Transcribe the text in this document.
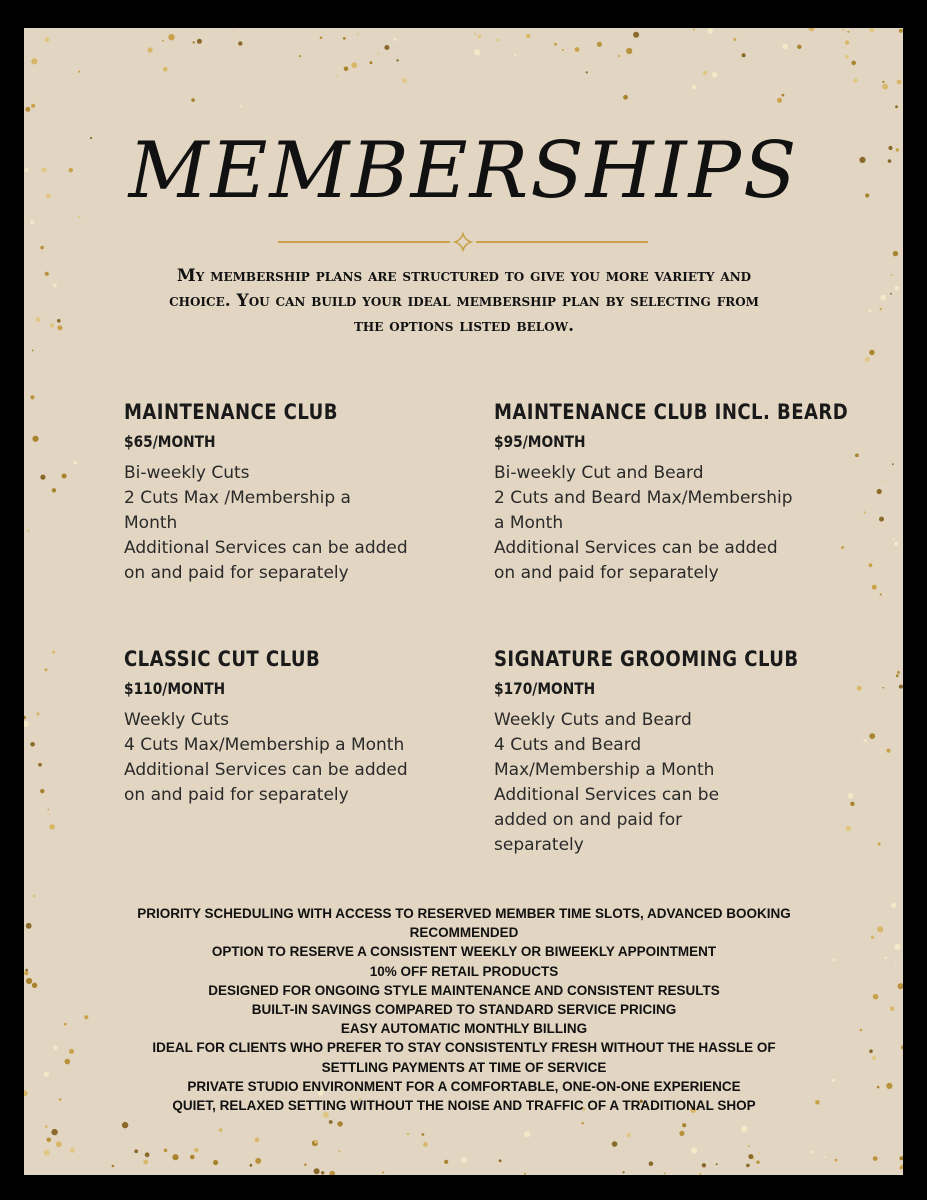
MEMBERSHIPS
My membership plans are structured to give you more variety and choice. You can build your ideal membership plan by selecting from the options listed below.
MAINTENANCE CLUB
$65/MONTH
Bi-weekly Cuts
2 Cuts Max /Membership a
Month
Additional Services can be added
on and paid for separately
MAINTENANCE CLUB INCL. BEARD
$95/MONTH
Bi-weekly Cut and Beard
2 Cuts and Beard Max/Membership
a Month
Additional Services can be added
on and paid for separately
CLASSIC CUT CLUB
$110/MONTH
Weekly Cuts
4 Cuts Max/Membership a Month
Additional Services can be added
on and paid for separately
SIGNATURE GROOMING CLUB
$170/MONTH
Weekly Cuts and Beard
4 Cuts and Beard
Max/Membership a Month
Additional Services can be
added on and paid for
separately
PRIORITY SCHEDULING WITH ACCESS TO RESERVED MEMBER TIME SLOTS, ADVANCED BOOKING
RECOMMENDED
OPTION TO RESERVE A CONSISTENT WEEKLY OR BIWEEKLY APPOINTMENT
10% OFF RETAIL PRODUCTS
DESIGNED FOR ONGOING STYLE MAINTENANCE AND CONSISTENT RESULTS
BUILT-IN SAVINGS COMPARED TO STANDARD SERVICE PRICING
EASY AUTOMATIC MONTHLY BILLING
IDEAL FOR CLIENTS WHO PREFER TO STAY CONSISTENTLY FRESH WITHOUT THE HASSLE OF
SETTLING PAYMENTS AT TIME OF SERVICE
PRIVATE STUDIO ENVIRONMENT FOR A COMFORTABLE, ONE-ON-ONE EXPERIENCE
QUIET, RELAXED SETTING WITHOUT THE NOISE AND TRAFFIC OF A TRADITIONAL SHOP
